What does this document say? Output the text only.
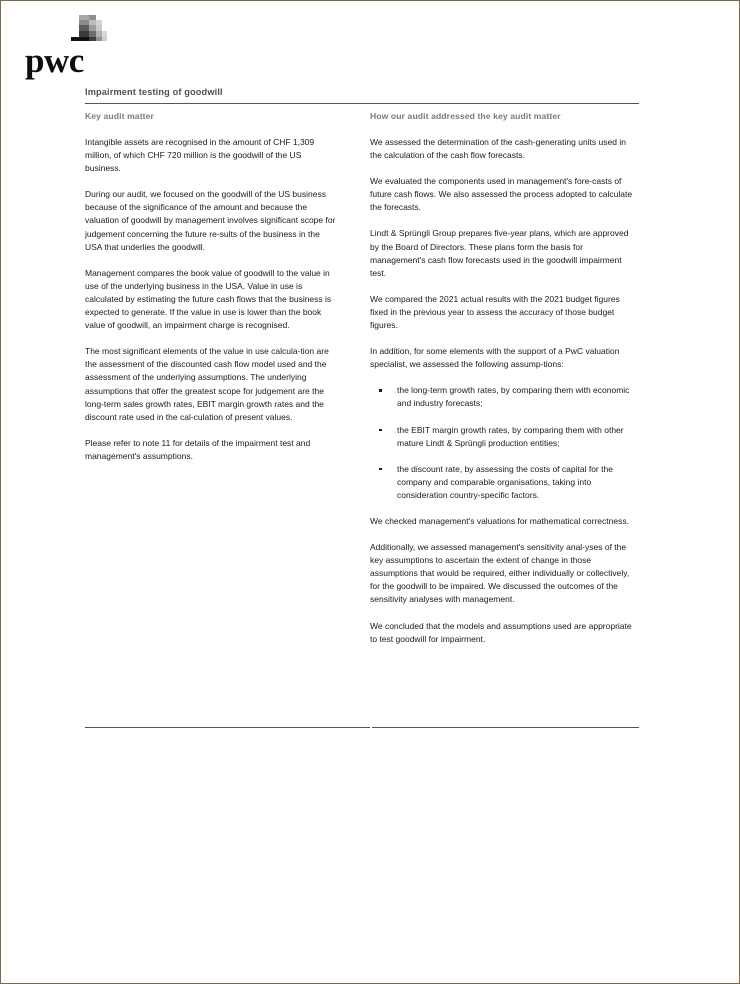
pwc
Impairment testing of goodwill
Key audit matter

Intangible assets are recognised in the amount of CHF 1,309 million, of which CHF 720 million is the goodwill of the US business.

During our audit, we focused on the goodwill of the US business because of the significance of the amount and because the valuation of goodwill by management involves significant scope for judgement concerning the future re-sults of the business in the USA that underlies the goodwill.

Management compares the book value of goodwill to the value in use of the underlying business in the USA. Value in use is calculated by estimating the future cash flows that the business is expected to generate. If the value in use is lower than the book value of goodwill, an impairment charge is recognised.

The most significant elements of the value in use calcula-tion are the assessment of the discounted cash flow model used and the assessment of the underlying assumptions. The underlying assumptions that offer the greatest scope for judgement are the long-term sales growth rates, EBIT margin growth rates and the discount rate used in the cal-culation of present values.

Please refer to note 11 for details of the impairment test and management's assumptions.

How our audit addressed the key audit matter

We assessed the determination of the cash-generating units used in the calculation of the cash flow forecasts.

We evaluated the components used in management's fore-casts of future cash flows. We also assessed the process adopted to calculate the forecasts.

Lindt & Sprüngli Group prepares five-year plans, which are approved by the Board of Directors. These plans form the basis for management's cash flow forecasts used in the goodwill impairment test.

We compared the 2021 actual results with the 2021 budget figures fixed in the previous year to assess the accuracy of those budget figures.

In addition, for some elements with the support of a PwC valuation specialist, we assessed the following assump-tions:

the long-term growth rates, by comparing them with economic and industry forecasts;
the EBIT margin growth rates, by comparing them with other mature Lindt & Sprüngli production entities;
the discount rate, by assessing the costs of capital for the company and comparable organisations, taking into consideration country-specific factors.

We checked management's valuations for mathematical correctness.

Additionally, we assessed management's sensitivity anal-yses of the key assumptions to ascertain the extent of change in those assumptions that would be required, either individually or collectively, for the goodwill to be impaired. We discussed the outcomes of the sensitivity analyses with management.

We concluded that the models and assumptions used are appropriate to test goodwill for impairment.
